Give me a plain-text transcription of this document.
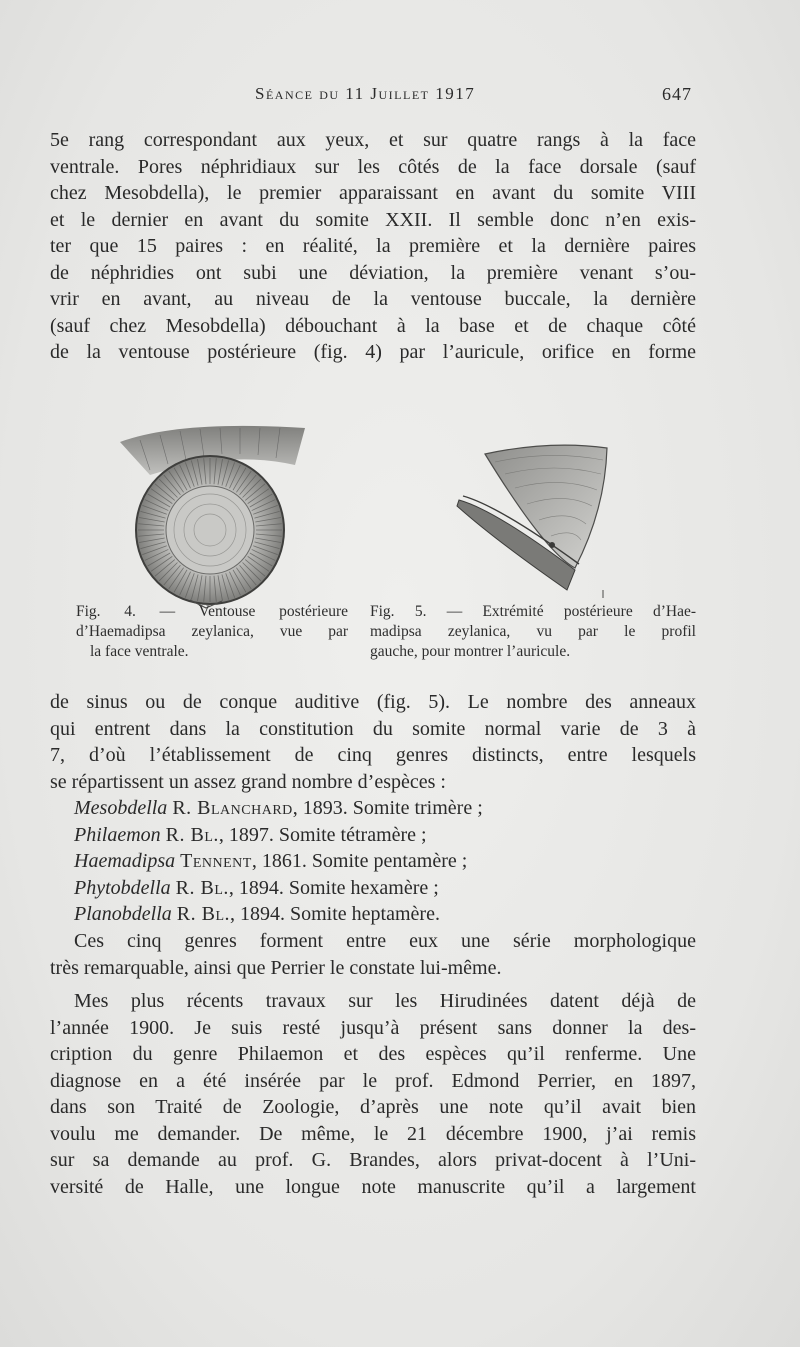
Séance du 11 Juillet 1917	647
5e rang correspondant aux yeux, et sur quatre rangs à la face
ventrale. Pores néphridiaux sur les côtés de la face dorsale (sauf
chez Mesobdella), le premier apparaissant en avant du somite VIII
et le dernier en avant du somite XXII. Il semble donc n’en exis-
ter que 15 paires : en réalité, la première et la dernière paires
de néphridies ont subi une déviation, la première venant s’ou-
vrir en avant, au niveau de la ventouse buccale, la dernière
(sauf chez Mesobdella) débouchant à la base et de chaque côté
de la ventouse postérieure (fig. 4) par l’auricule, orifice en forme
Fig. 4. — Ventouse postérieure
d’Haemadipsa zeylanica, vue par
la face ventrale.
Fig. 5. — Extrémité postérieure d’Hae-
madipsa zeylanica, vu par le profil
gauche, pour montrer l’auricule.
de sinus ou de conque auditive (fig. 5). Le nombre des anneaux
qui entrent dans la constitution du somite normal varie de 3 à
7, d’où l’établissement de cinq genres distincts, entre lesquels
se répartissent un assez grand nombre d’espèces :
Mesobdella R. Blanchard, 1893. Somite trimère ;
Philaemon R. Bl., 1897. Somite tétramère ;
Haemadipsa Tennent, 1861. Somite pentamère ;
Phytobdella R. Bl., 1894. Somite hexamère ;
Planobdella R. Bl., 1894. Somite heptamère.
Ces cinq genres forment entre eux une série morphologique
très remarquable, ainsi que Perrier le constate lui-même.
Mes plus récents travaux sur les Hirudinées datent déjà de
l’année 1900. Je suis resté jusqu’à présent sans donner la des-
cription du genre Philaemon et des espèces qu’il renferme. Une
diagnose en a été insérée par le prof. Edmond Perrier, en 1897,
dans son Traité de Zoologie, d’après une note qu’il avait bien
voulu me demander. De même, le 21 décembre 1900, j’ai remis
sur sa demande au prof. G. Brandes, alors privat-docent à l’Uni-
versité de Halle, une longue note manuscrite qu’il a largement
